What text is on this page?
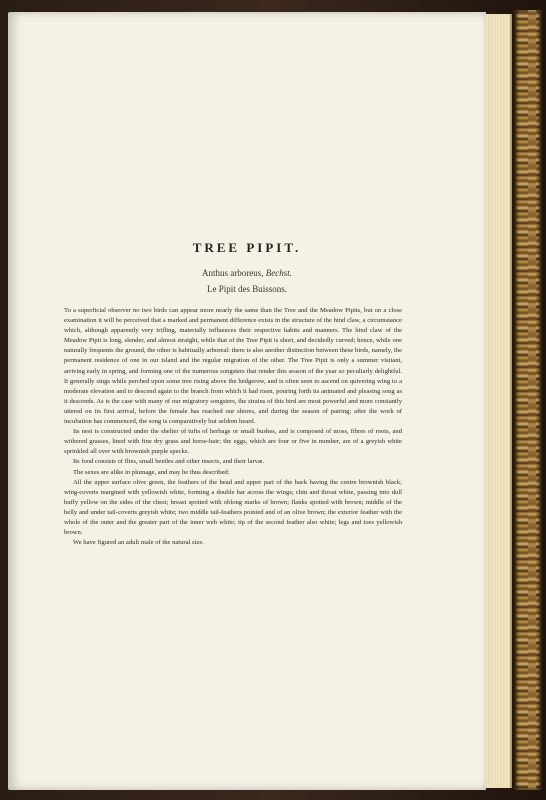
TREE PIPIT.
Anthus arboreus, Bechst.
Le Pipit des Buissons.

To a superficial observer no two birds can appear more nearly the same than the Tree and the Meadow Pipits, but on a close examination it will be perceived that a marked and permanent difference exists in the structure of the hind claw, a circumstance which, although apparently very trifling, materially influences their respective habits and manners. The hind claw of the Meadow Pipit is long, slender, and almost straight, while that of the Tree Pipit is short, and decidedly curved; hence, while one naturally frequents the ground, the other is habitually arboreal: there is also another distinction between these birds, namely, the permanent residence of one in our island and the regular migration of the other. The Tree Pipit is only a summer visitant, arriving early in spring, and forming one of the numerous songsters that render this season of the year so peculiarly delightful. It generally sings while perched upon some tree rising above the hedgerow, and is often seen to ascend on quivering wing to a moderate elevation and to descend again to the branch from which it had risen, pouring forth its animated and pleasing song as it descends. As is the case with many of our migratory songsters, the strains of this bird are most powerful and more constantly uttered on its first arrival, before the female has reached our shores, and during the season of pairing; after the work of incubation has commenced, the song is comparatively but seldom heard.

Its nest is constructed under the shelter of tufts of herbage or small bushes, and is composed of moss, fibres of roots, and withered grasses, lined with fine dry grass and horse-hair; the eggs, which are four or five in number, are of a greyish white sprinkled all over with brownish purple specks.

Its food consists of flies, small beetles and other insects, and their larvæ.

The sexes are alike in plumage, and may be thus described:

All the upper surface olive green, the feathers of the head and upper part of the back having the centre brownish black; wing-coverts margined with yellowish white, forming a double bar across the wings; chin and throat white, passing into dull buffy yellow on the sides of the chest; breast spotted with oblong marks of brown; flanks spotted with brown; middle of the belly and under tail-coverts greyish white; two middle tail-feathers pointed and of an olive brown; the exterior feather with the whole of the outer and the greater part of the inner web white; tip of the second feather also white; legs and toes yellowish brown.

We have figured an adult male of the natural size.
